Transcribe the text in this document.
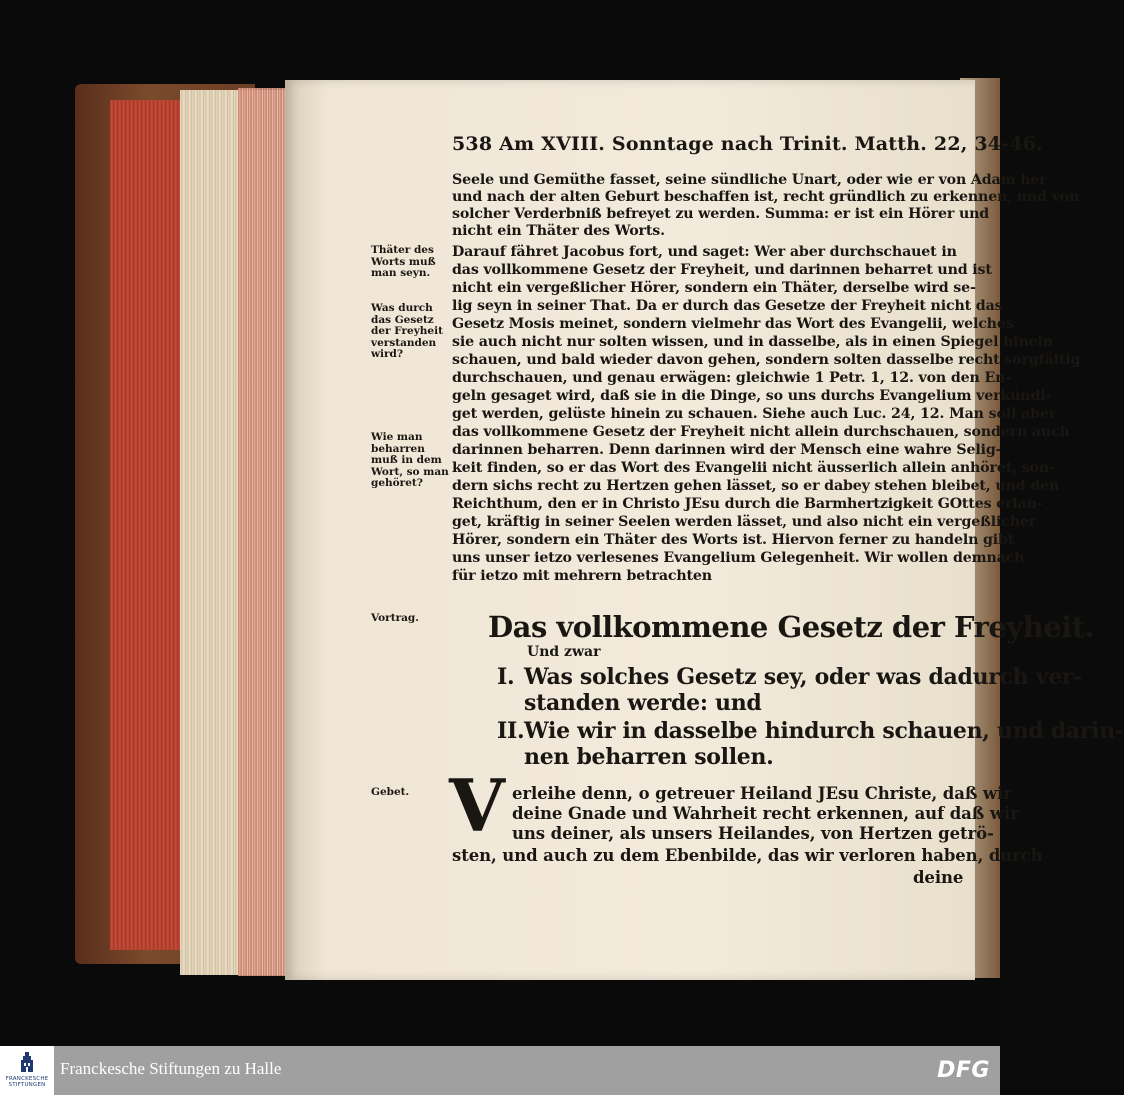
538 Am XVIII. Sonntage nach Trinit. Matth. 22, 34-46.
Seele und Gemüthe fasset, seine sündliche Unart, oder wie er von Adam her
und nach der alten Geburt beschaffen ist, recht gründlich zu erkennen, und von
solcher Verderbniß befreyet zu werden. Summa: er ist ein Hörer und
nicht ein Thäter des Worts.
Darauf fähret Jacobus fort, und saget: Wer aber durchschauet in
das vollkommene Gesetz der Freyheit, und darinnen beharret und ist
nicht ein vergeßlicher Hörer, sondern ein Thäter, derselbe wird se-
lig seyn in seiner That. Da er durch das Gesetze der Freyheit nicht das
Gesetz Mosis meinet, sondern vielmehr das Wort des Evangelii, welches
sie auch nicht nur solten wissen, und in dasselbe, als in einen Spiegel hinein
schauen, und bald wieder davon gehen, sondern solten dasselbe recht sorgfältig
durchschauen, und genau erwägen: gleichwie 1 Petr. 1, 12. von den En-
geln gesaget wird, daß sie in die Dinge, so uns durchs Evangelium verkündi-
get werden, gelüste hinein zu schauen. Siehe auch Luc. 24, 12. Man soll aber
das vollkommene Gesetz der Freyheit nicht allein durchschauen, sondern auch
darinnen beharren. Denn darinnen wird der Mensch eine wahre Selig-
keit finden, so er das Wort des Evangelii nicht äusserlich allein anhöret, son-
dern sichs recht zu Hertzen gehen lässet, so er dabey stehen bleibet, und den
Reichthum, den er in Christo JEsu durch die Barmhertzigkeit GOttes erlan-
get, kräftig in seiner Seelen werden lässet, und also nicht ein vergeßlicher
Hörer, sondern ein Thäter des Worts ist. Hiervon ferner zu handeln gibt
uns unser ietzo verlesenes Evangelium Gelegenheit. Wir wollen demnach
für ietzo mit mehrern betrachten
Thäter des Worts muß man seyn.
Was durch das Gesetz der Freyheit verstanden wird?
Wie man beharren muß in dem Wort, so man gehöret?
Vortrag.
Gebet.
Das vollkommene Gesetz der Freyheit.
Und zwar
I. Was solches Gesetz sey, oder was dadurch ver-
standen werde: und
II. Wie wir in dasselbe hindurch schauen, und darin-
nen beharren sollen.
V erleihe denn, o getreuer Heiland JEsu Christe, daß wir
deine Gnade und Wahrheit recht erkennen, auf daß wir
uns deiner, als unsers Heilandes, von Hertzen getrö-
sten, und auch zu dem Ebenbilde, das wir verloren haben, durch
deine
FRANCKESCHE STIFTUNGEN
Franckesche Stiftungen zu Halle	DFG
